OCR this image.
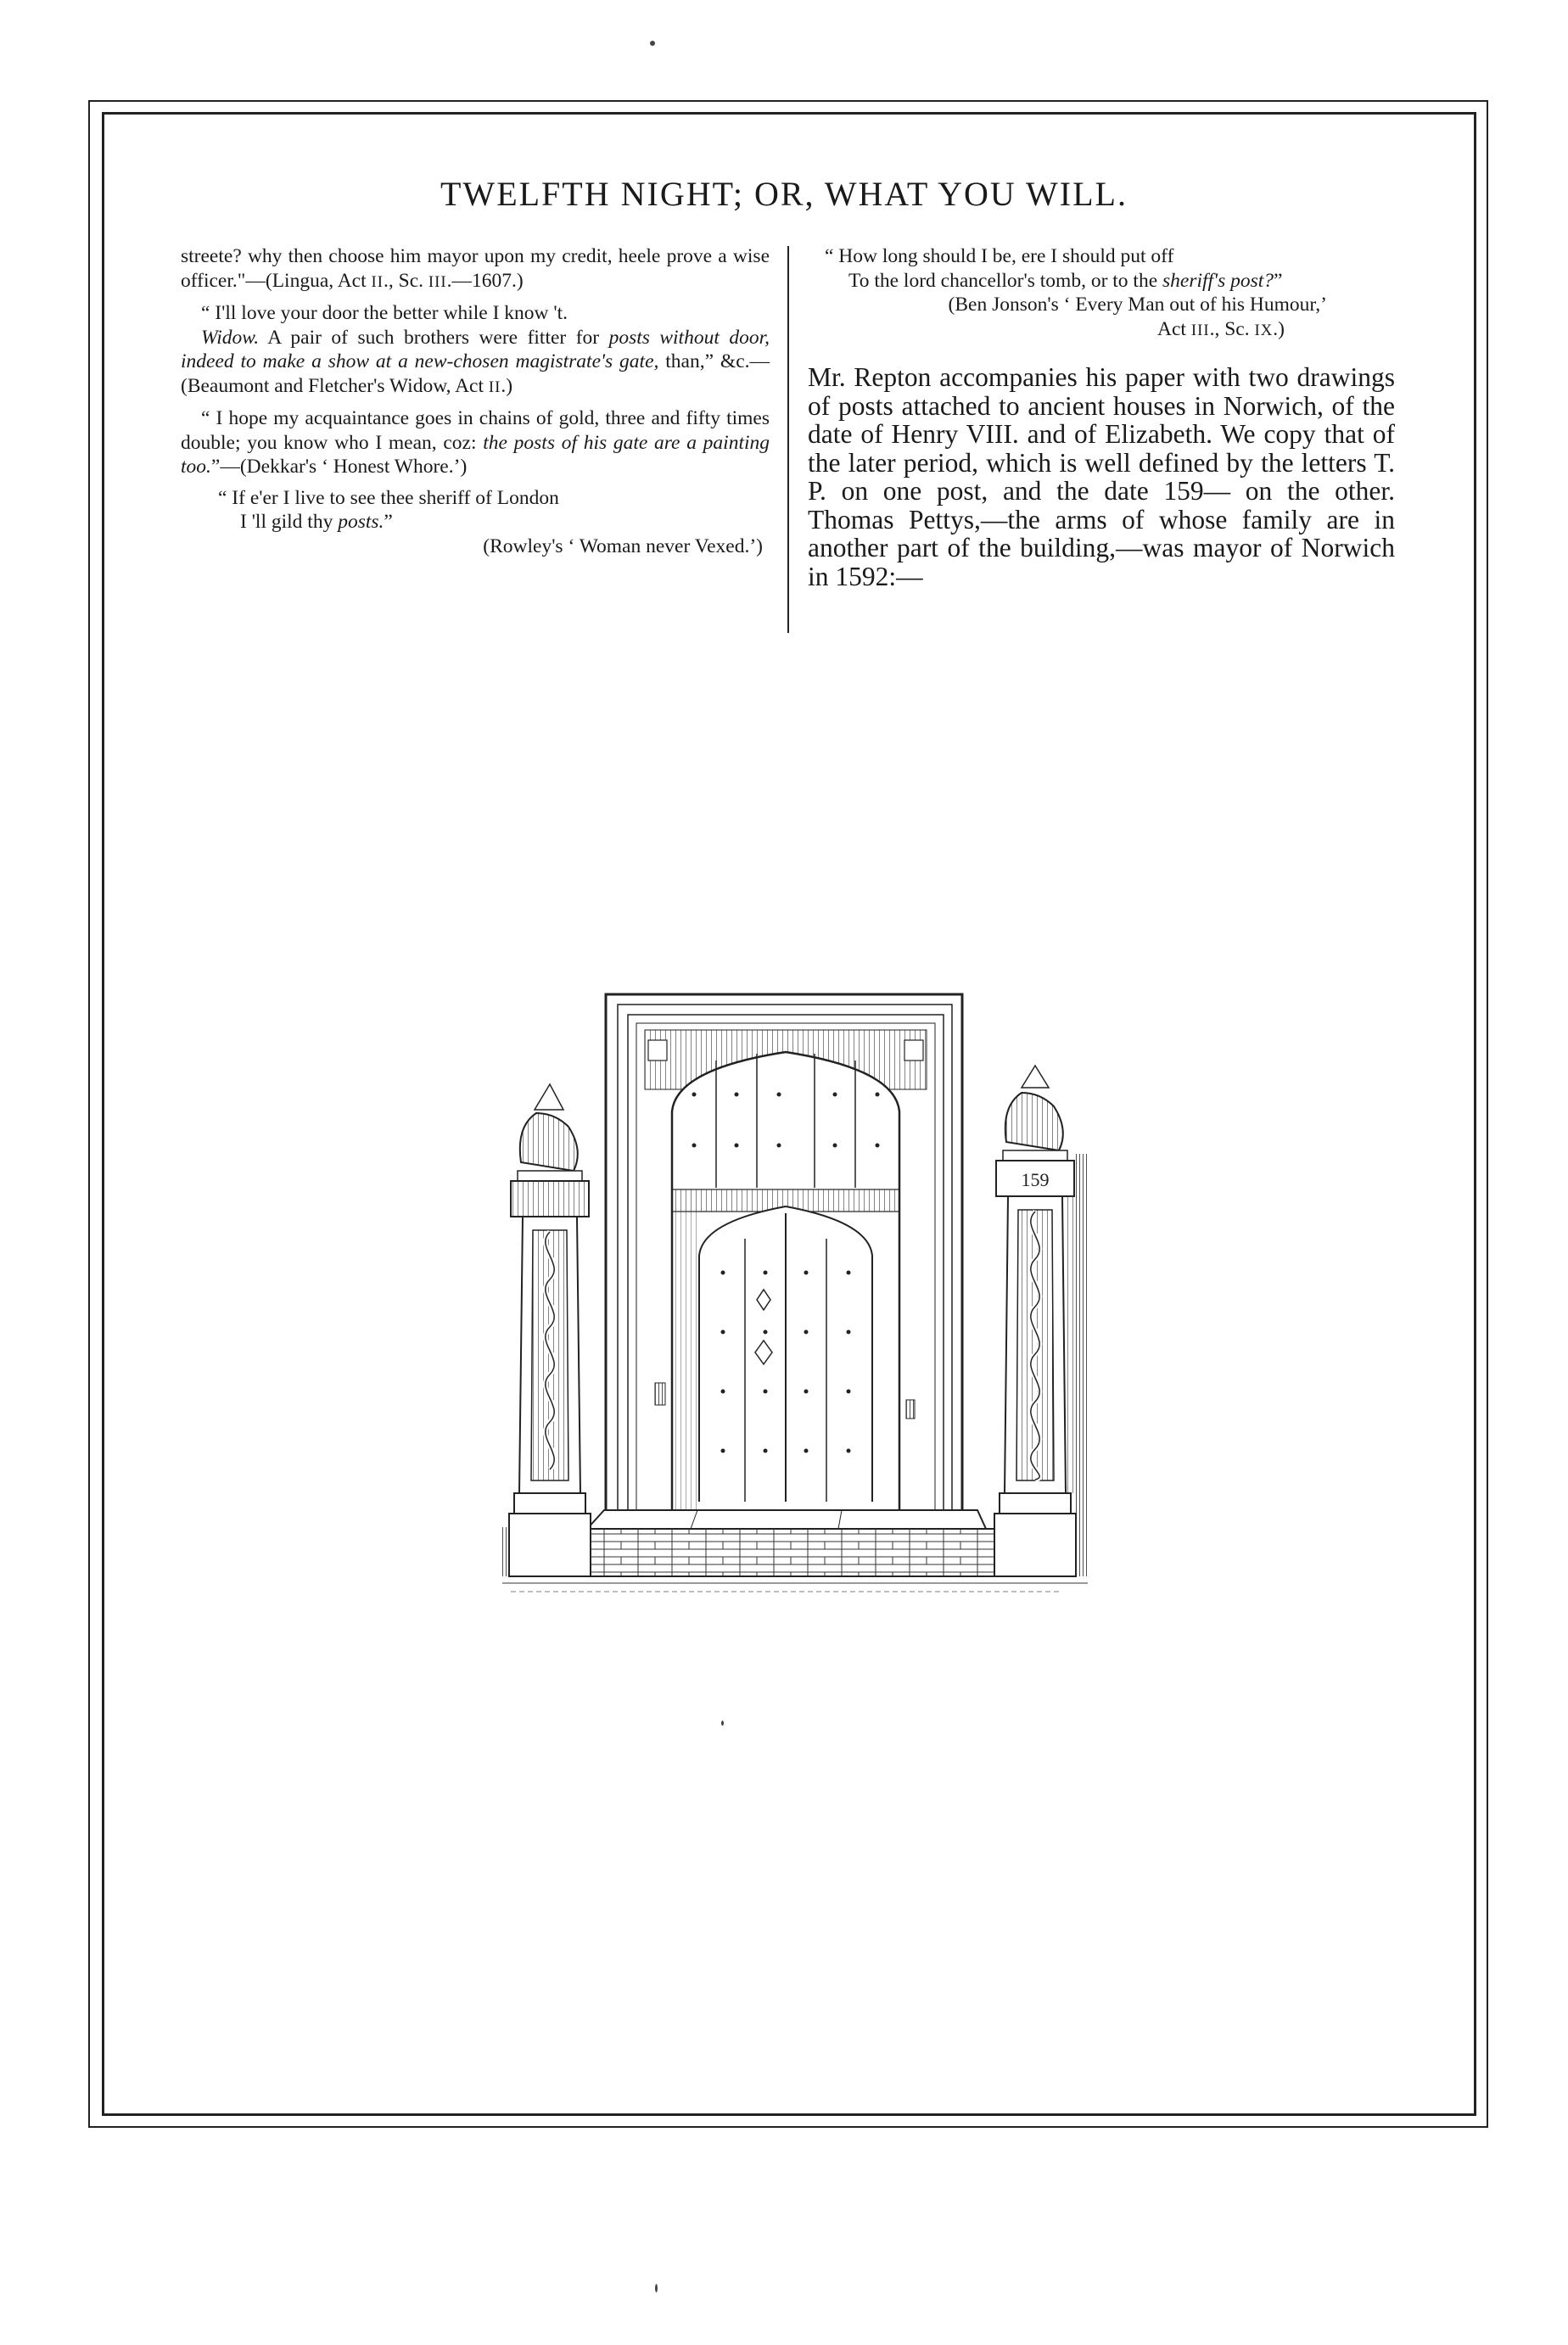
TWELFTH NIGHT; OR, WHAT YOU WILL.

streete? why then choose him mayor upon my credit, heele prove a wise officer."—(Lingua, Act II., Sc. III.—1607.)

“ I'll love your door the better while I know 't.

Widow. A pair of such brothers were fitter for posts without door, indeed to make a show at a new-chosen magistrate's gate, than,” &c.—(Beaumont and Fletcher's Widow, Act II.)

“ I hope my acquaintance goes in chains of gold, three and fifty times double; you know who I mean, coz: the posts of his gate are a painting too.”—(Dekkar's ‘ Honest Whore.’)

“ If e'er I live to see thee sheriff of London

I 'll gild thy posts.”

(Rowley's ‘ Woman never Vexed.’)

“ How long should I be, ere I should put off

To the lord chancellor's tomb, or to the sheriff's post?”

(Ben Jonson's ‘ Every Man out of his Humour,’

Act III., Sc. IX.)

Mr. Repton accompanies his paper with two drawings of posts attached to ancient houses in Norwich, of the date of Henry VIII. and of Elizabeth. We copy that of the later period, which is well defined by the letters T. P. on one post, and the date 159— on the other. Thomas Pettys,—the arms of whose family are in another part of the building,—was mayor of Norwich in 1592:—

159
